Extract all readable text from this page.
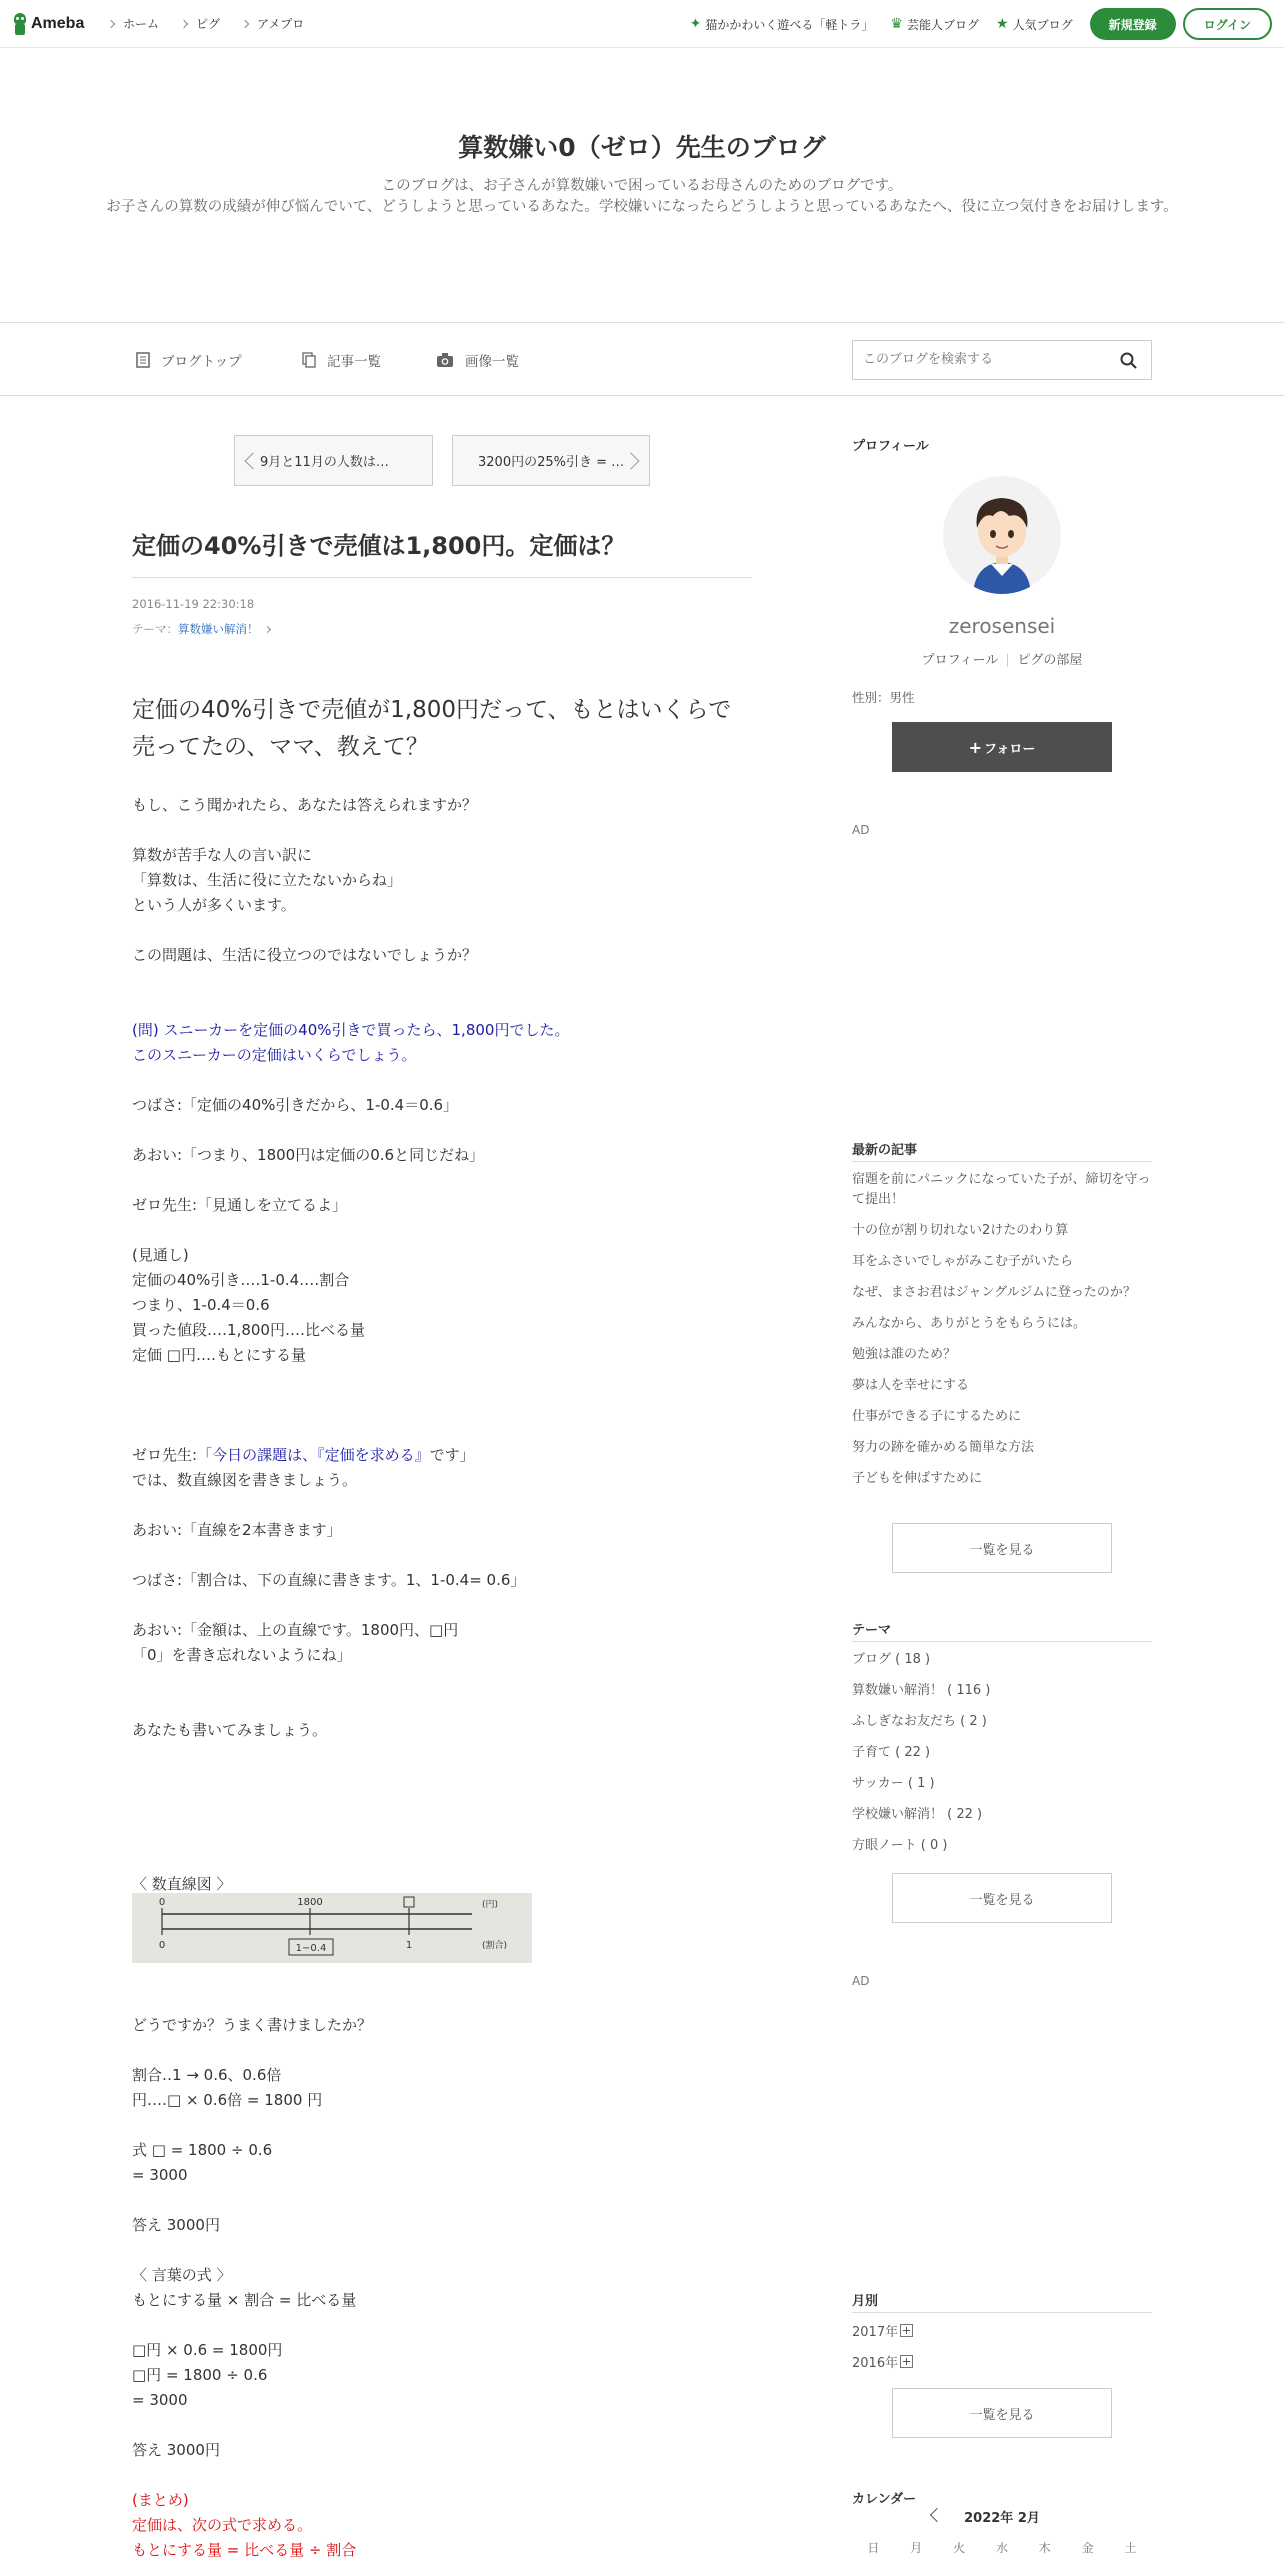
Ameba	ホーム	ピグ	アメプロ	✦ 猫かかわいく遊べる「軽トラ」 ♛ 芸能人ブログ ★ 人気ブログ	新規登録	ログイン
算数嫌い0（ゼロ）先生のブログ
このブログは、お子さんが算数嫌いで困っているお母さんのためのブログです。
お子さんの算数の成績が伸び悩んでいて、どうしようと思っているあなた。学校嫌いになったらどうしようと思っているあなたへ、役に立つ気付きをお届けします。
ブログトップ	記事一覧	画像一覧
このブログを検索する
9月と11月の人数は…	3200円の25%引き = …
定価の40%引きで売値は1,800円。定価は？
2016-11-19 22:30:18
テーマ： 算数嫌い解消！
定価の40%引きで売値が1,800円だって、もとはいくらで売ってたの、ママ、教えて？
もし、こう聞かれたら、あなたは答えられますか？
算数が苦手な人の言い訳に
「算数は、生活に役に立たないからね」
という人が多くいます。
この問題は、生活に役立つのではないでしょうか？
(問) スニーカーを定価の40%引きで買ったら、1,800円でした。
このスニーカーの定価はいくらでしょう。
つばさ:「定価の40%引きだから、1-0.4＝0.6」
あおい:「つまり、1800円は定価の0.6と同じだね」
ゼロ先生:「見通しを立てるよ」
(見通し)
定価の40%引き‥‥1-0.4‥‥割合
つまり、1-0.4＝0.6
買った値段‥‥1,800円‥‥比べる量
定価 □円‥‥もとにする量

ゼロ先生:「今日の課題は、『定価を求める』です」

では、数直線図を書きましょう。
あおい:「直線を2本書きます」
つばさ:「割合は、下の直線に書きます。1、1-0.4= 0.6」
あおい:「金額は、上の直線です。1800円、□円
「0」を書き忘れないようにね」
あなたも書いてみましょう。
〈 数直線図 〉
0	1800	(円)
0	1−0.4	1	(割合)
どうですか？うまく書けましたか？
割合‥1 → 0.6、0.6倍
円‥‥□ × 0.6倍 = 1800 円
式 □ = 1800 ÷ 0.6
= 3000
答え 3000円
〈 言葉の式 〉
もとにする量 × 割合 = 比べる量
□円 × 0.6 = 1800円
□円 = 1800 ÷ 0.6
= 3000
答え 3000円
(まとめ)
定価は、次の式で求める。
もとにする量 = 比べる量 ÷ 割合
プロフィール
zerosensei
プロフィール ピグの部屋
性別：男性
+ フォロー
AD
最新の記事
宿題を前にパニックになっていた子が、締切を守って提出！
十の位が割り切れない2けたのわり算
耳をふさいでしゃがみこむ子がいたら
なぜ、まさお君はジャングルジムに登ったのか？
みんなから、ありがとうをもらうには。
勉強は誰のため？
夢は人を幸せにする
仕事ができる子にするために
努力の跡を確かめる簡単な方法
子どもを伸ばすために
一覧を見る
テーマ
ブログ ( 18 )
算数嫌い解消！ ( 116 )
ふしぎなお友だち ( 2 )
子育て ( 22 )
サッカー ( 1 )
学校嫌い解消！ ( 22 )
方眼ノート ( 0 )
一覧を見る
AD
月別
2017年
2016年
一覧を見る
カレンダー
2022年 2月
日	月	火	水	木	金	土
